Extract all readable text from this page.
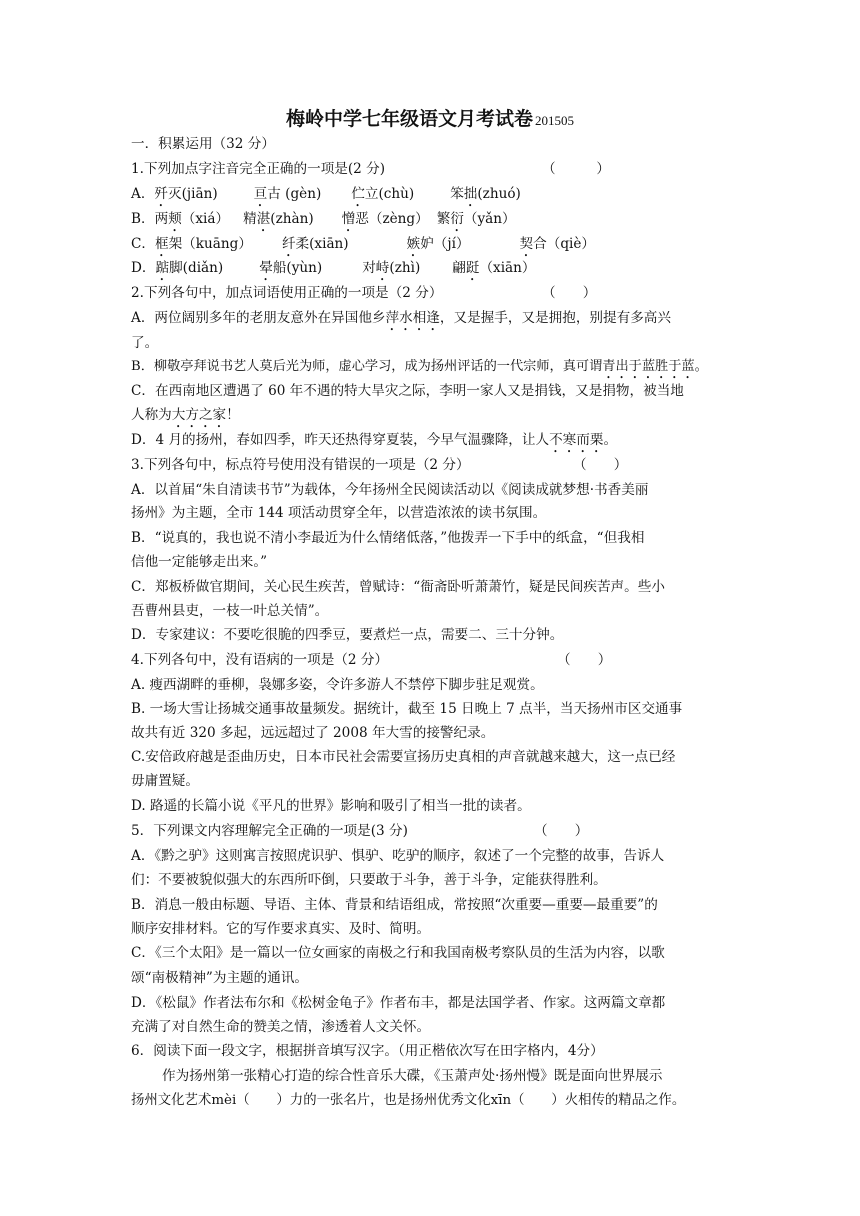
梅岭中学七年级语文月考试卷 201505
一．积累运用（32 分）
1.下列加点字注音完全正确的一项是(2 分)	（　　　）
A．歼灭(jiān)	亘古 (gèn) 伫立(chù)	笨拙(zhuó)
B．两颊（xiá） 精湛(zhàn) 憎恶（zèng） 繁衍（yǎn）
C．框架（kuāng） 纤柔(xiān)	嫉妒（jí）	契合（qiè）
D．踮脚(diǎn)	晕船(yùn)	对峙(zhì) 翩跹（xiān）
2.下列各句中，加点词语使用正确的一项是（2 分）	（　　）
A．两位阔别多年的老朋友意外在异国他乡萍水相逢，又是握手，又是拥抱，别提有多高兴
了。
B．柳敬亭拜说书艺人莫后光为师，虚心学习，成为扬州评话的一代宗师，真可谓青出于蓝胜于蓝。
C．在西南地区遭遇了 60 年不遇的特大旱灾之际，李明一家人又是捐钱，又是捐物，被当地
人称为大方之家！
D．4 月的扬州，春如四季，昨天还热得穿夏装，今早气温骤降，让人不寒而栗。
3.下列各句中，标点符号使用没有错误的一项是（2 分）	（　　）
A．以首届“朱自清读书节”为载体，今年扬州全民阅读活动以《阅读成就梦想·书香美丽
扬州》为主题，全市 144 项活动贯穿全年，以营造浓浓的读书氛围。
B．“说真的，我也说不清小李最近为什么情绪低落，”他拨弄一下手中的纸盒，“但我相
信他一定能够走出来。”
C．郑板桥做官期间，关心民生疾苦，曾赋诗：“衙斋卧听萧萧竹，疑是民间疾苦声。些小
吾曹州县吏，一枝一叶总关情”。
D．专家建议：不要吃很脆的四季豆，要煮烂一点，需要二、三十分钟。
4.下列各句中，没有语病的一项是（2 分）	（　　）
A. 瘦西湖畔的垂柳，袅娜多姿，令许多游人不禁停下脚步驻足观赏。
B. 一场大雪让扬城交通事故量频发。据统计，截至 15 日晚上 7 点半，当天扬州市区交通事
故共有近 320 多起，远远超过了 2008 年大雪的接警纪录。
C.安倍政府越是歪曲历史，日本市民社会需要宣扬历史真相的声音就越来越大，这一点已经
毋庸置疑。
D. 路遥的长篇小说《平凡的世界》影响和吸引了相当一批的读者。
5．下列课文内容理解完全正确的一项是(3 分)	（　　）
A．《黔之驴》这则寓言按照虎识驴、惧驴、吃驴的顺序，叙述了一个完整的故事，告诉人
们：不要被貌似强大的东西所吓倒，只要敢于斗争，善于斗争，定能获得胜利。
B．消息一般由标题、导语、主体、背景和结语组成，常按照“次重要—重要—最重要”的
顺序安排材料。它的写作要求真实、及时、简明。
C．《三个太阳》是一篇以一位女画家的南极之行和我国南极考察队员的生活为内容，以歌
颂“南极精神”为主题的通讯。
D．《松鼠》作者法布尔和《松树金龟子》作者布丰，都是法国学者、作家。这两篇文章都
充满了对自然生命的赞美之情，渗透着人文关怀。
6．阅读下面一段文字，根据拼音填写汉字。（用正楷依次写在田字格内，4分）
作为扬州第一张精心打造的综合性音乐大碟，《玉萧声处·扬州慢》既是面向世界展示
扬州文化艺术mèi（　　）力的一张名片，也是扬州优秀文化xīn（　　）火相传的精品之作。
